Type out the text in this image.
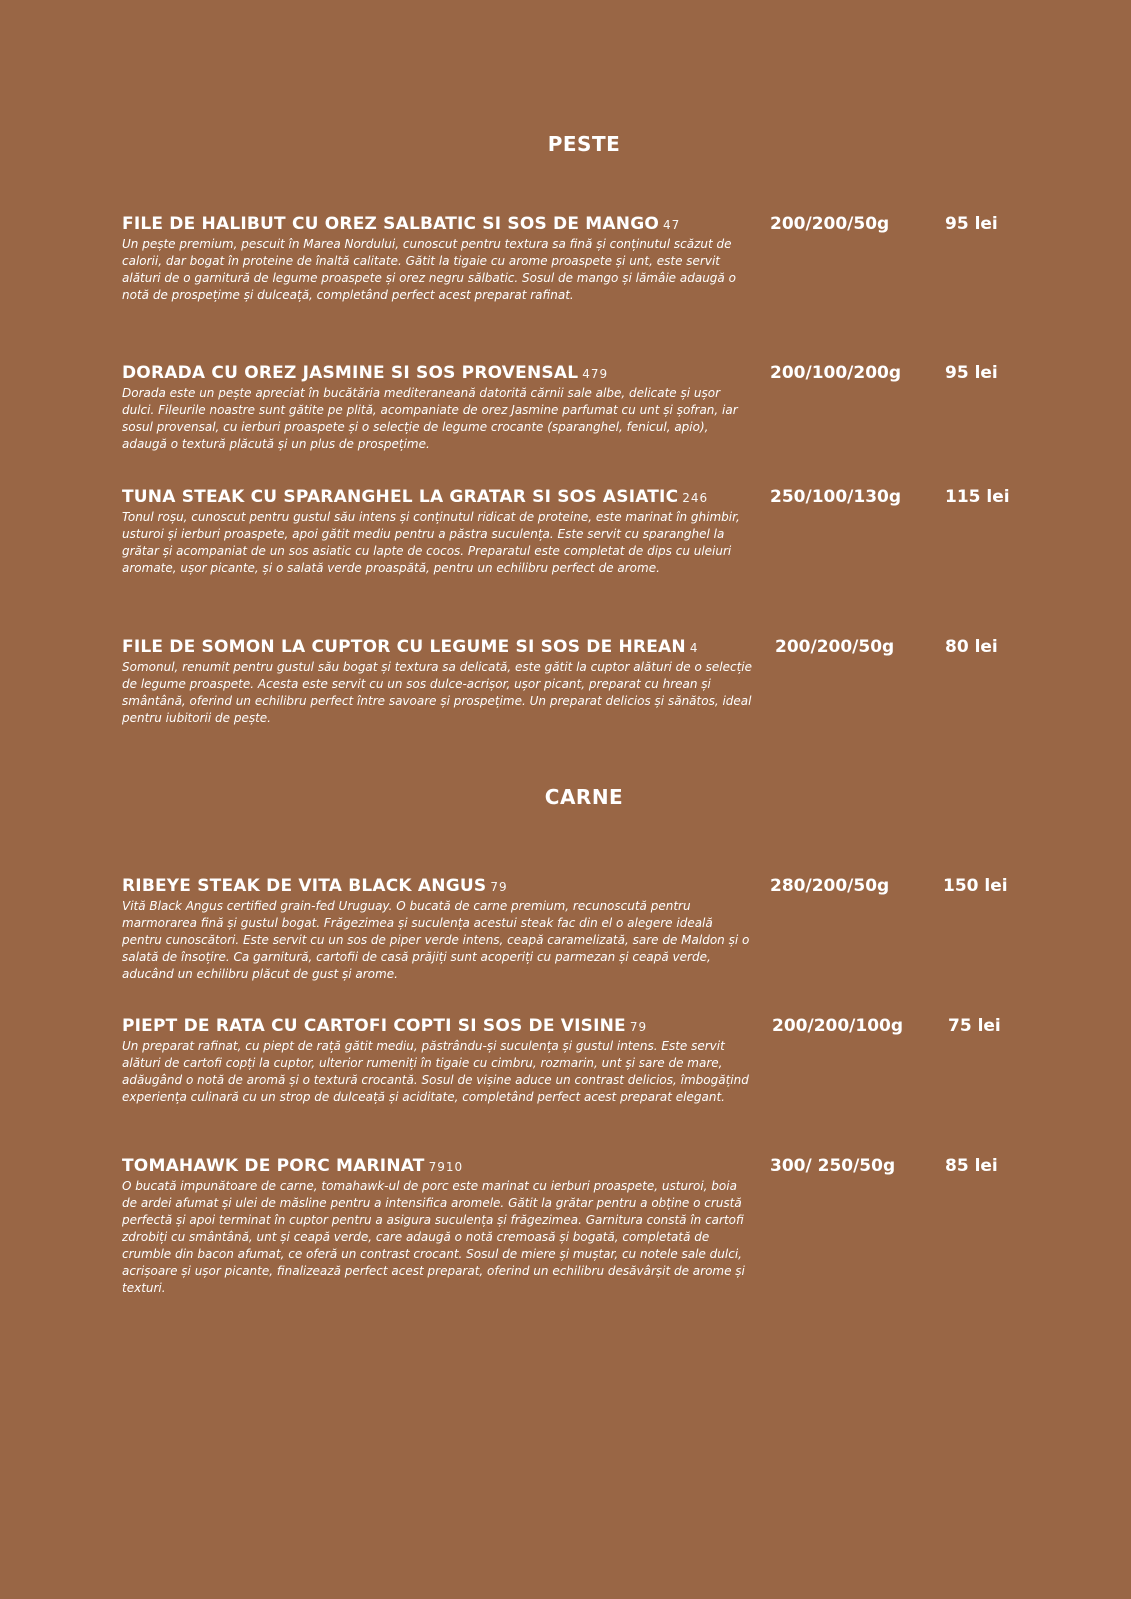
PESTE
FILE DE HALIBUT CU OREZ SALBATIC SI SOS DE MANGO 47	200/200/50g	95 lei

Un pește premium, pescuit în Marea Nordului, cunoscut pentru textura sa fină și conținutul scăzut de calorii, dar bogat în proteine de înaltă calitate. Gătit la tigaie cu arome proaspete și unt, este servit alături de o garnitură de legume proaspete și orez negru sălbatic. Sosul de mango și lămâie adaugă o notă de prospețime și dulceață, completând perfect acest preparat rafinat.

DORADA CU OREZ JASMINE SI SOS PROVENSAL 479	200/100/200g	95 lei

Dorada este un pește apreciat în bucătăria mediteraneană datorită cărnii sale albe, delicate și ușor dulci. Fileurile noastre sunt gătite pe plită, acompaniate de orez Jasmine parfumat cu unt și șofran, iar sosul provensal, cu ierburi proaspete și o selecție de legume crocante (sparanghel, fenicul, apio), adaugă o textură plăcută și un plus de prospețime.

TUNA STEAK CU SPARANGHEL LA GRATAR SI SOS ASIATIC 246	250/100/130g	115 lei

Tonul roșu, cunoscut pentru gustul său intens și conținutul ridicat de proteine, este marinat în ghimbir, usturoi și ierburi proaspete, apoi gătit mediu pentru a păstra suculența. Este servit cu sparanghel la grătar și acompaniat de un sos asiatic cu lapte de cocos. Preparatul este completat de dips cu uleiuri aromate, ușor picante, și o salată verde proaspătă, pentru un echilibru perfect de arome.

FILE DE SOMON LA CUPTOR CU LEGUME SI SOS DE HREAN 4	200/200/50g	80 lei

Somonul, renumit pentru gustul său bogat și textura sa delicată, este gătit la cuptor alături de o selecție de legume proaspete. Acesta este servit cu un sos dulce-acrișor, ușor picant, preparat cu hrean și smântână, oferind un echilibru perfect între savoare și prospețime. Un preparat delicios și sănătos, ideal pentru iubitorii de pește.

CARNE
RIBEYE STEAK DE VITA BLACK ANGUS 79	280/200/50g	150 lei

Vită Black Angus certified grain-fed Uruguay. O bucată de carne premium, recunoscută pentru marmorarea fină și gustul bogat. Frăgezimea și suculența acestui steak fac din el o alegere ideală pentru cunoscători. Este servit cu un sos de piper verde intens, ceapă caramelizată, sare de Maldon și o salată de însoțire. Ca garnitură, cartofii de casă prăjiți sunt acoperiți cu parmezan și ceapă verde, aducând un echilibru plăcut de gust și arome.

PIEPT DE RATA CU CARTOFI COPTI SI SOS DE VISINE 79	200/200/100g	75 lei

Un preparat rafinat, cu piept de rață gătit mediu, păstrându-și suculența și gustul intens. Este servit alături de cartofi copți la cuptor, ulterior rumeniți în tigaie cu cimbru, rozmarin, unt și sare de mare, adăugând o notă de aromă și o textură crocantă. Sosul de vișine aduce un contrast delicios, îmbogățind experiența culinară cu un strop de dulceață și aciditate, completând perfect acest preparat elegant.

TOMAHAWK DE PORC MARINAT 7910	300/ 250/50g	85 lei

O bucată impunătoare de carne, tomahawk-ul de porc este marinat cu ierburi proaspete, usturoi, boia de ardei afumat și ulei de măsline pentru a intensifica aromele. Gătit la grătar pentru a obține o crustă perfectă și apoi terminat în cuptor pentru a asigura suculența și frăgezimea. Garnitura constă în cartofi zdrobiți cu smântână, unt și ceapă verde, care adaugă o notă cremoasă și bogată, completată de crumble din bacon afumat, ce oferă un contrast crocant. Sosul de miere și muștar, cu notele sale dulci, acrișoare și ușor picante, finalizează perfect acest preparat, oferind un echilibru desăvârșit de arome și texturi.
